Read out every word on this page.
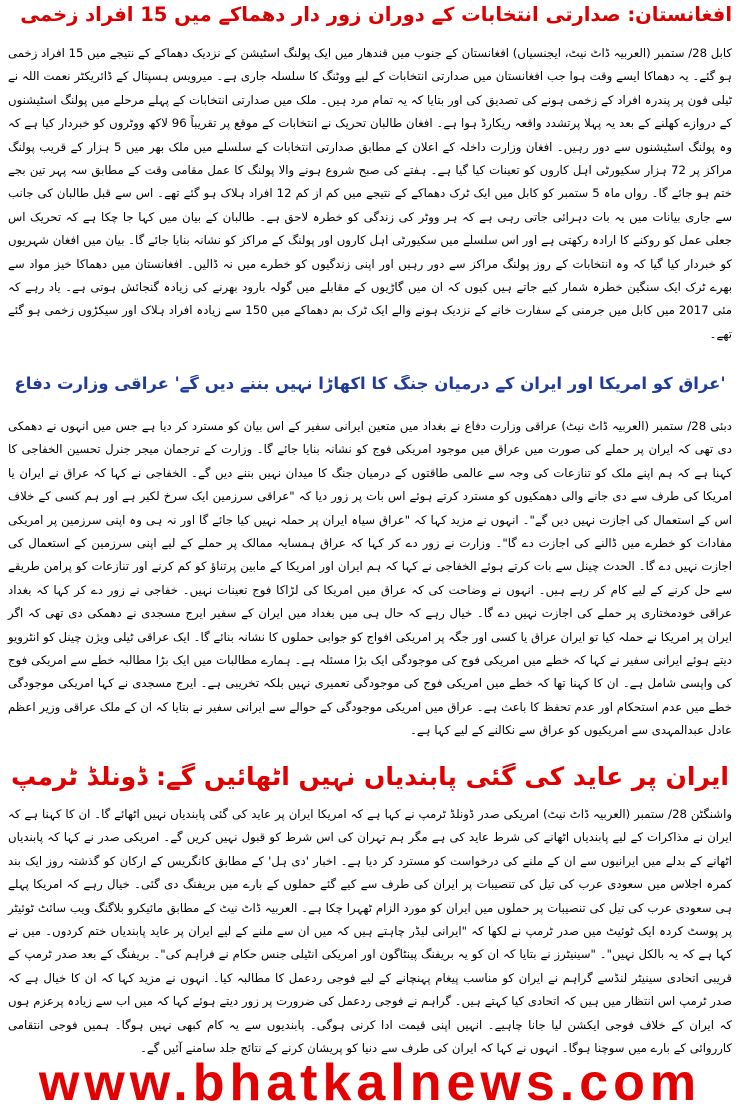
افغانستان: صدارتی انتخابات کے دوران زور دار دھماکے میں 15 افراد زخمی

کابل 28/ ستمبر (العربیہ ڈاٹ نیٹ، ایجنسیاں) افغانستان کے جنوب میں قندھار میں ایک پولنگ اسٹیشن کے نزدیک دھماکے کے نتیجے میں 15 افراد زخمی ہو گئے۔ یہ دھماکا ایسے وقت ہوا جب افغانستان میں صدارتی انتخابات کے لیے ووٹنگ کا سلسلہ جاری ہے۔ میرویس ہسپتال کے ڈائریکٹر نعمت اللہ نے ٹیلی فون پر پندرہ افراد کے زخمی ہونے کی تصدیق کی اور بتایا کہ یہ تمام مرد ہیں۔ ملک میں صدارتی انتخابات کے پہلے مرحلے میں پولنگ اسٹیشنوں کے دروازے کھلنے کے بعد یہ پہلا پرتشدد واقعہ ریکارڈ ہوا ہے۔ افغان طالبان تحریک نے انتخابات کے موقع پر تقریباً 96 لاکھ ووٹروں کو خبردار کیا ہے کہ وہ پولنگ اسٹیشنوں سے دور رہیں۔ افغان وزارت داخلہ کے اعلان کے مطابق صدارتی انتخابات کے سلسلے میں ملک بھر میں 5 ہزار کے قریب پولنگ مراکز پر 72 ہزار سکیورٹی اہل کاروں کو تعینات کیا گیا ہے۔ ہفتے کی صبح شروع ہونے والا پولنگ کا عمل مقامی وقت کے مطابق سہ پہر تین بجے ختم ہو جائے گا۔ رواں ماہ 5 ستمبر کو کابل میں ایک ٹرک دھماکے کے نتیجے میں کم از کم 12 افراد ہلاک ہو گئے تھے۔ اس سے قبل طالبان کی جانب سے جاری بیانات میں یہ بات دہرائی جاتی رہی ہے کہ ہر ووٹر کی زندگی کو خطرہ لاحق ہے۔ طالبان کے بیان میں کہا جا چکا ہے کہ تحریک اس جعلی عمل کو روکنے کا ارادہ رکھتی ہے اور اس سلسلے میں سکیورٹی اہل کاروں اور پولنگ کے مراکز کو نشانہ بنایا جائے گا۔ بیان میں افغان شہریوں کو خبردار کیا گیا کہ وہ انتخابات کے روز پولنگ مراکز سے دور رہیں اور اپنی زندگیوں کو خطرے میں نہ ڈالیں۔ افغانستان میں دھماکا خیز مواد سے بھرے ٹرک ایک سنگین خطرہ شمار کیے جاتے ہیں کیوں کہ ان میں گاڑیوں کے مقابلے میں گولہ بارود بھرنے کی زیادہ گنجائش ہوتی ہے۔ یاد رہے کہ مئی 2017 میں کابل میں جرمنی کے سفارت خانے کے نزدیک ہونے والے ایک ٹرک بم دھماکے میں 150 سے زیادہ افراد ہلاک اور سیکڑوں زخمی ہو گئے تھے۔

'عراق کو امریکا اور ایران کے درمیان جنگ کا اکھاڑا نہیں بننے دیں گے' عراقی وزارت دفاع

دبئی 28/ ستمبر (العربیہ ڈاٹ نیٹ) عراقی وزارت دفاع نے بغداد میں متعین ایرانی سفیر کے اس بیان کو مسترد کر دیا ہے جس میں انہوں نے دھمکی دی تھی کہ ایران پر حملے کی صورت میں عراق میں موجود امریکی فوج کو نشانہ بنایا جائے گا۔ وزارت کے ترجمان میجر جنرل تحسین الخفاجی کا کہنا ہے کہ ہم اپنے ملک کو تنازعات کی وجہ سے عالمی طاقتوں کے درمیان جنگ کا میدان نہیں بننے دیں گے۔ الخفاجی نے کہا کہ عراق نے ایران یا امریکا کی طرف سے دی جانے والی دھمکیوں کو مسترد کرتے ہوئے اس بات پر زور دیا کہ "عراقی سرزمین ایک سرخ لکیر ہے اور ہم کسی کے خلاف اس کے استعمال کی اجازت نہیں دیں گے"۔ انہوں نے مزید کہا کہ "عراق سیاہ ایران پر حملہ نہیں کیا جائے گا اور نہ ہی وہ اپنی سرزمین پر امریکی مفادات کو خطرے میں ڈالنے کی اجازت دے گا"۔ وزارت نے زور دے کر کہا کہ عراق ہمسایہ ممالک پر حملے کے لیے اپنی سرزمین کے استعمال کی اجازت نہیں دے گا۔ الحدث چینل سے بات کرتے ہوئے الخفاجی نے کہا کہ ہم ایران اور امریکا کے مابین پرتناؤ کو کم کرنے اور تنازعات کو پرامن طریقے سے حل کرنے کے لیے کام کر رہے ہیں۔ انہوں نے وضاحت کی کہ عراق میں امریکا کی لڑاکا فوج تعینات نہیں۔ خفاجی نے زور دے کر کہا کہ بغداد عراقی خودمختاری پر حملے کی اجازت نہیں دے گا۔ خیال رہے کہ حال ہی میں بغداد میں ایران کے سفیر ایرج مسجدی نے دھمکی دی تھی کہ اگر ایران پر امریکا نے حملہ کیا تو ایران عراق یا کسی اور جگہ پر امریکی افواج کو جوابی حملوں کا نشانہ بنائے گا۔ ایک عراقی ٹیلی ویژن چینل کو انٹرویو دیتے ہوئے ایرانی سفیر نے کہا کہ خطے میں امریکی فوج کی موجودگی ایک بڑا مسئلہ ہے۔ ہمارے مطالبات میں ایک بڑا مطالبہ خطے سے امریکی فوج کی واپسی شامل ہے۔ ان کا کہنا تھا کہ خطے میں امریکی فوج کی موجودگی تعمیری نہیں بلکہ تخریبی ہے۔ ایرج مسجدی نے کہا امریکی موجودگی خطے میں عدم استحکام اور عدم تحفظ کا باعث ہے۔ عراق میں امریکی موجودگی کے حوالے سے ایرانی سفیر نے بتایا کہ ان کے ملک عراقی وزیر اعظم عادل عبدالمہدی سے امریکیوں کو عراق سے نکالنے کے لیے کہا ہے۔

ایران پر عاید کی گئی پابندیاں نہیں اٹھائیں گے: ڈونلڈ ٹرمپ

واشنگٹن 28/ ستمبر (العربیہ ڈاٹ نیٹ) امریکی صدر ڈونلڈ ٹرمپ نے کہا ہے کہ امریکا ایران پر عاید کی گئی پابندیاں نہیں اٹھائے گا۔ ان کا کہنا ہے کہ ایران نے مذاکرات کے لیے پابندیاں اٹھانے کی شرط عاید کی ہے مگر ہم تہران کی اس شرط کو قبول نہیں کریں گے۔ امریکی صدر نے کہا کہ پابندیاں اٹھانے کے بدلے میں ایرانیوں سے ان کے ملنے کی درخواست کو مسترد کر دیا ہے۔ اخبار 'دی ہل' کے مطابق کانگریس کے ارکان کو گذشتہ روز ایک بند کمرہ اجلاس میں سعودی عرب کی تیل کی تنصیبات پر ایران کی طرف سے کیے گئے حملوں کے بارے میں بریفنگ دی گئی۔ خیال رہے کہ امریکا پہلے ہی سعودی عرب کی تیل کی تنصیبات پر حملوں میں ایران کو مورد الزام ٹھہرا چکا ہے۔ العربیہ ڈاٹ نیٹ کے مطابق مائیکرو بلاگنگ ویب سائٹ ٹوئیٹر پر پوسٹ کردہ ایک ٹوئیٹ میں صدر ٹرمپ نے لکھا کہ "ایرانی لیڈر چاہتے ہیں کہ میں ان سے ملنے کے لیے ایران پر عاید پابندیاں ختم کردوں۔ میں نے کہا ہے کہ یہ بالکل نہیں"۔ "سینیٹرز نے بتایا کہ ان کو یہ بریفنگ پینٹاگون اور امریکی انٹیلی جنس حکام نے فراہم کی"۔ بریفنگ کے بعد صدر ٹرمپ کے قریبی اتحادی سینیٹر لنڈسے گراہم نے ایران کو مناسب پیغام پہنچانے کے لیے فوجی ردعمل کا مطالبہ کیا۔ انہوں نے مزید کہا کہ ان کا خیال ہے کہ صدر ٹرمپ اس انتظار میں ہیں کہ اتحادی کیا کہتے ہیں۔ گراہم نے فوجی ردعمل کی ضرورت پر زور دیتے ہوئے کہا کہ میں اب سے زیادہ پرعزم ہوں کہ ایران کے خلاف فوجی ایکشن لیا جانا چاہیے۔ انہیں اپنی قیمت ادا کرنی ہوگی۔ پابندیوں سے یہ کام کبھی نہیں ہوگا۔ ہمیں فوجی انتقامی کارروائی کے بارے میں سوچنا ہوگا۔ انہوں نے کہا کہ ایران کی طرف سے دنیا کو پریشان کرنے کے نتائج جلد سامنے آئیں گے۔

www.bhatkalnews.com
